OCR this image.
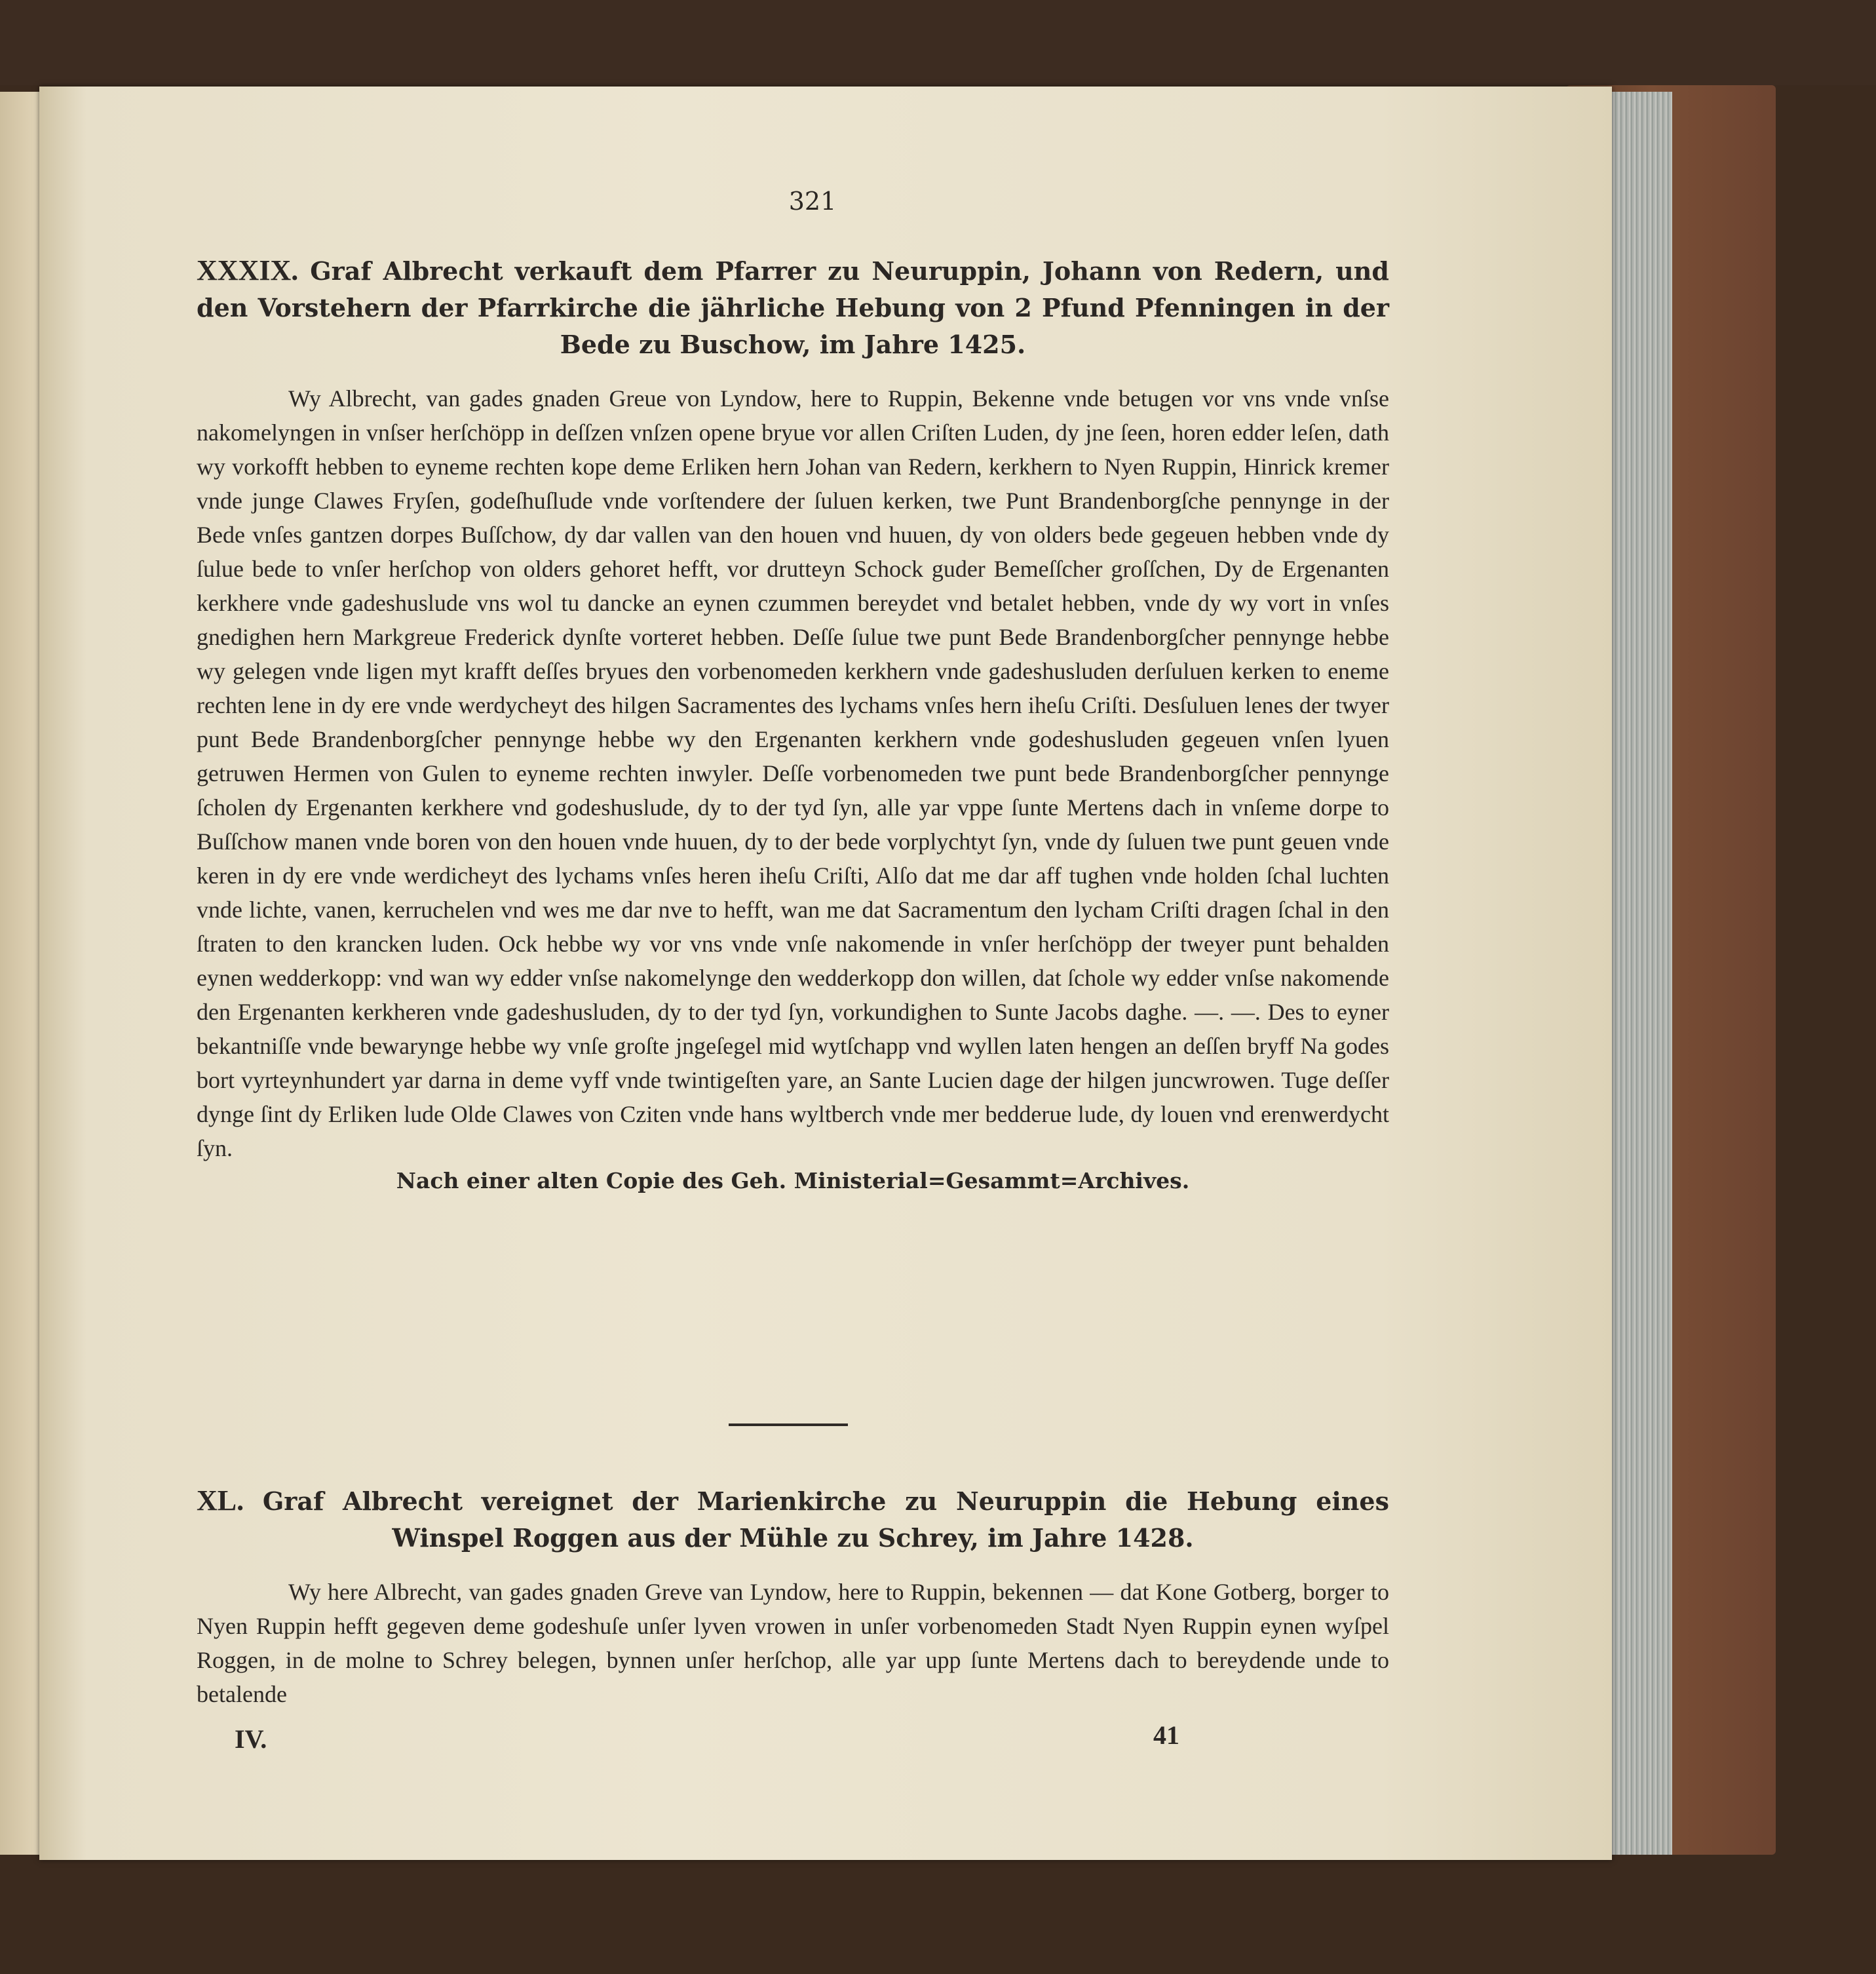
321
XXXIX. Graf Albrecht verkauft dem Pfarrer zu Neuruppin, Johann von Redern, und den Vorstehern der Pfarrkirche die jährliche Hebung von 2 Pfund Pfenningen in der Bede zu Buschow, im Jahre 1425.
Wy Albrecht, van gades gnaden Greue von Lyndow, here to Ruppin, Bekenne vnde betugen vor vns vnde vnſse nakomelyngen in vnſser herſchöpp in deſſzen vnſzen opene bryue vor allen Criſten Luden, dy jne ſeen, horen edder leſen, dath wy vorkofft hebben to eyneme rechten kope deme Erliken hern Johan van Redern, kerkhern to Nyen Ruppin, Hinrick kremer vnde junge Clawes Fryſen, godeſhuſlude vnde vorſtendere der ſuluen kerken, twe Punt Brandenborgſche pennynge in der Bede vnſes gantzen dorpes Buſſchow, dy dar vallen van den houen vnd huuen, dy von olders bede gegeuen hebben vnde dy ſulue bede to vnſer herſchop von olders gehoret hefft, vor drutteyn Schock guder Bemeſſcher groſſchen, Dy de Ergenanten kerkhere vnde gadeshuslude vns wol tu dancke an eynen czummen bereydet vnd betalet hebben, vnde dy wy vort in vnſes gnedighen hern Markgreue Frederick dynſte vorteret hebben. Deſſe ſulue twe punt Bede Brandenborgſcher pennynge hebbe wy gelegen vnde ligen myt krafft deſſes bryues den vorbenomeden kerkhern vnde gadeshusluden derſuluen kerken to eneme rechten lene in dy ere vnde werdycheyt des hilgen Sacramentes des lychams vnſes hern iheſu Criſti. Desſuluen lenes der twyer punt Bede Brandenborgſcher pennynge hebbe wy den Ergenanten kerkhern vnde godeshusluden gegeuen vnſen lyuen getruwen Hermen von Gulen to eyneme rechten inwyler. Deſſe vorbenomeden twe punt bede Brandenborgſcher pennynge ſcholen dy Ergenanten kerkhere vnd godeshuslude, dy to der tyd ſyn, alle yar vppe ſunte Mertens dach in vnſeme dorpe to Buſſchow manen vnde boren von den houen vnde huuen, dy to der bede vorplychtyt ſyn, vnde dy ſuluen twe punt geuen vnde keren in dy ere vnde werdicheyt des lychams vnſes heren iheſu Criſti, Alſo dat me dar aff tughen vnde holden ſchal luchten vnde lichte, vanen, kerruchelen vnd wes me dar nve to hefft, wan me dat Sacramentum den lycham Criſti dragen ſchal in den ſtraten to den krancken luden. Ock hebbe wy vor vns vnde vnſe nakomende in vnſer herſchöpp der tweyer punt behalden eynen wedderkopp: vnd wan wy edder vnſse nakomelynge den wedderkopp don willen, dat ſchole wy edder vnſse nakomende den Ergenanten kerkheren vnde gadeshusluden, dy to der tyd ſyn, vorkundighen to Sunte Jacobs daghe. —. —. Des to eyner bekantniſſe vnde bewarynge hebbe wy vnſe groſte jngeſegel mid wytſchapp vnd wyllen laten hengen an deſſen bryff Na godes bort vyrteynhundert yar darna in deme vyff vnde twintigeſten yare, an Sante Lucien dage der hilgen juncwrowen. Tuge deſſer dynge ſint dy Erliken lude Olde Clawes von Cziten vnde hans wyltberch vnde mer bedderue lude, dy louen vnd erenwerdycht ſyn.
Nach einer alten Copie des Geh. Ministerial=Gesammt=Archives.
XL. Graf Albrecht vereignet der Marienkirche zu Neuruppin die Hebung eines Winspel Roggen aus der Mühle zu Schrey, im Jahre 1428.
Wy here Albrecht, van gades gnaden Greve van Lyndow, here to Ruppin, bekennen — dat Kone Gotberg, borger to Nyen Ruppin hefft gegeven deme godeshuſe unſer lyven vrowen in unſer vorbenomeden Stadt Nyen Ruppin eynen wyſpel Roggen, in de molne to Schrey belegen, bynnen unſer herſchop, alle yar upp ſunte Mertens dach to bereydende unde to betalende
IV.	41
